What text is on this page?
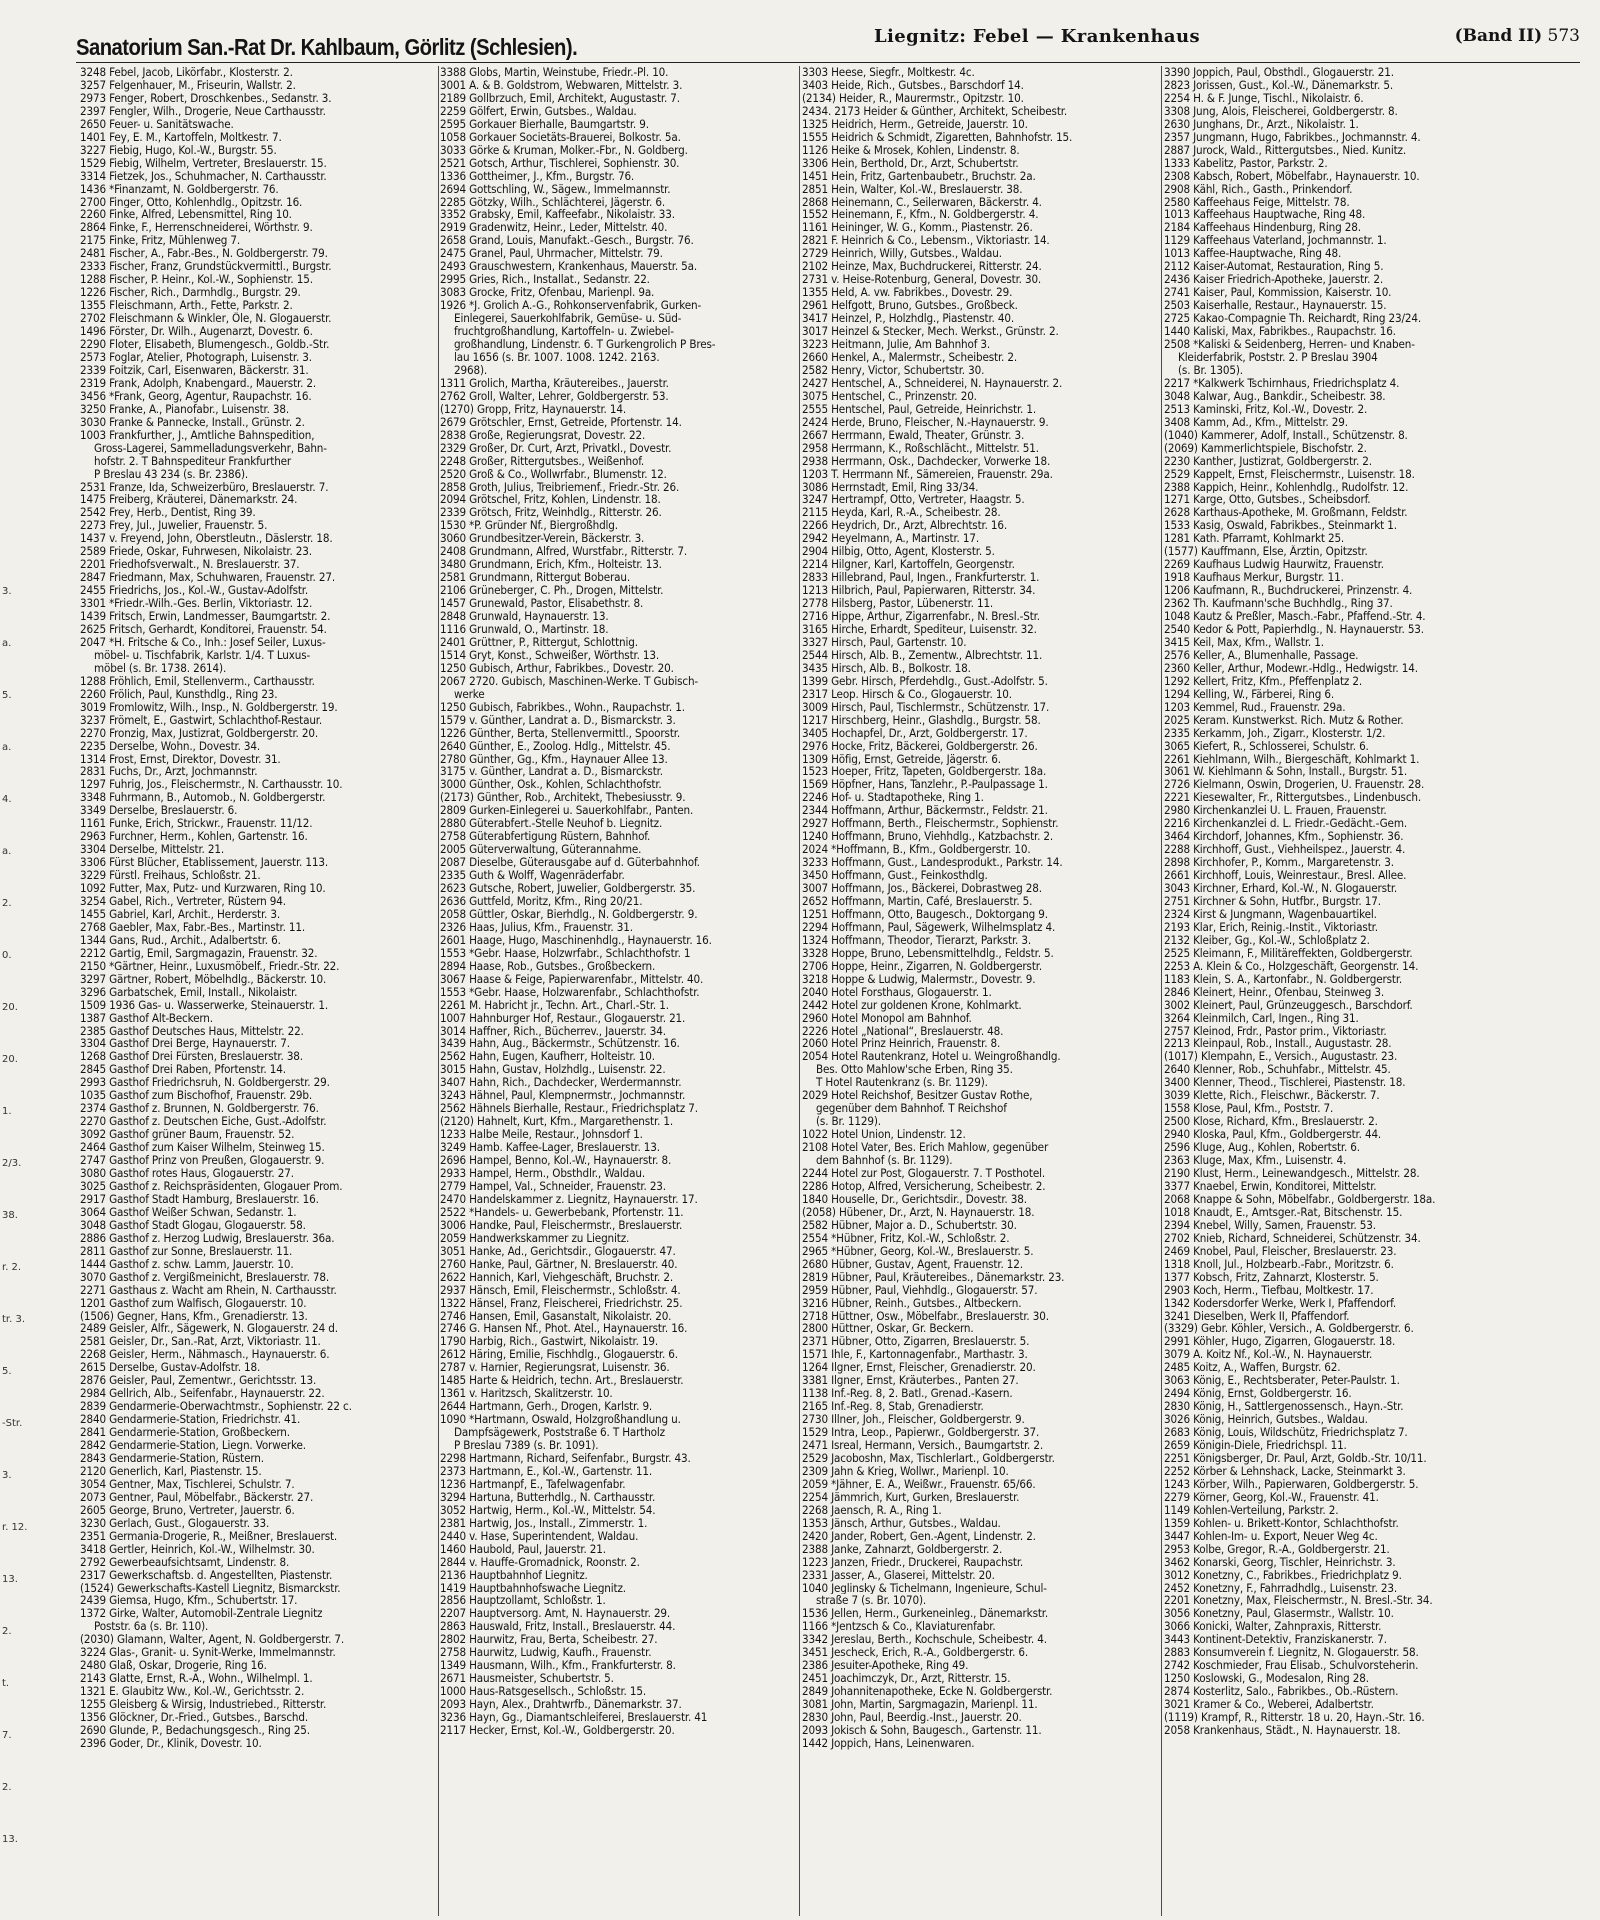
Sanatorium San.-Rat Dr. Kahlbaum, Görlitz (Schlesien).	Liegnitz: Febel — Krankenhaus	(Band II) 573
3.
a.
5.
a.
4.
a.
2.
0.
20.
20.
1.
2/3.
38.
r. 2.
tr. 3.
5.
-Str.
3.
r. 12.
13.
2.
t.
7.
2.
13.
3248 Febel, Jacob, Likörfabr., Klosterstr. 2.
3257 Felgenhauer, M., Friseurin, Wallstr. 2.
2973 Fenger, Robert, Droschkenbes., Sedanstr. 3.
2397 Fengler, Wilh., Drogerie, Neue Carthausstr.
2650 Feuer- u. Sanitätswache.
1401 Fey, E. M., Kartoffeln, Moltkestr. 7.
3227 Fiebig, Hugo, Kol.-W., Burgstr. 55.
1529 Fiebig, Wilhelm, Vertreter, Breslauerstr. 15.
3314 Fietzek, Jos., Schuhmacher, N. Carthausstr.
1436 *Finanzamt, N. Goldbergerstr. 76.
2700 Finger, Otto, Kohlenhdlg., Opitzstr. 16.
2260 Finke, Alfred, Lebensmittel, Ring 10.
2864 Finke, F., Herrenschneiderei, Wörthstr. 9.
2175 Finke, Fritz, Mühlenweg 7.
2481 Fischer, A., Fabr.-Bes., N. Goldbergerstr. 79.
2333 Fischer, Franz, Grundstückvermittl., Burgstr.
1288 Fischer, P. Heinr., Kol.-W., Sophienstr. 15.
1226 Fischer, Rich., Darmhdlg., Burgstr. 29.
1355 Fleischmann, Arth., Fette, Parkstr. 2.
2702 Fleischmann & Winkler, Öle, N. Glogauerstr.
1496 Förster, Dr. Wilh., Augenarzt, Dovestr. 6.
2290 Floter, Elisabeth, Blumengesch., Goldb.-Str.
2573 Foglar, Atelier, Photograph, Luisenstr. 3.
2339 Foitzik, Carl, Eisenwaren, Bäckerstr. 31.
2319 Frank, Adolph, Knabengard., Mauerstr. 2.
3456 *Frank, Georg, Agentur, Raupachstr. 16.
3250 Franke, A., Pianofabr., Luisenstr. 38.
3030 Franke & Pannecke, Install., Grünstr. 2.
1003 Frankfurther, J., Amtliche Bahnspedition,
Gross-Lagerei, Sammelladungsverkehr, Bahn-
hofstr. 2. T Bahnspediteur Frankfurther
P Breslau 43 234 (s. Br. 2386).
2531 Franze, Ida, Schweizerbüro, Breslauerstr. 7.
1475 Freiberg, Kräuterei, Dänemarkstr. 24.
2542 Frey, Herb., Dentist, Ring 39.
2273 Frey, Jul., Juwelier, Frauenstr. 5.
1437 v. Freyend, John, Oberstleutn., Däslerstr. 18.
2589 Friede, Oskar, Fuhrwesen, Nikolaistr. 23.
2201 Friedhofsverwalt., N. Breslauerstr. 37.
2847 Friedmann, Max, Schuhwaren, Frauenstr. 27.
2455 Friedrichs, Jos., Kol.-W., Gustav-Adolfstr.
3301 *Friedr.-Wilh.-Ges. Berlin, Viktoriastr. 12.
1439 Fritsch, Erwin, Landmesser, Baumgartstr. 2.
2625 Fritsch, Gerhardt, Konditorei, Frauenstr. 54.
2047 *H. Fritsche & Co., Inh.: Josef Seiler, Luxus-
möbel- u. Tischfabrik, Karlstr. 1/4. T Luxus-
möbel (s. Br. 1738. 2614).
1288 Fröhlich, Emil, Stellenverm., Carthausstr.
2260 Frölich, Paul, Kunsthdlg., Ring 23.
3019 Fromlowitz, Wilh., Insp., N. Goldbergerstr. 19.
3237 Frömelt, E., Gastwirt, Schlachthof-Restaur.
2270 Fronzig, Max, Justizrat, Goldbergerstr. 20.
2235 Derselbe, Wohn., Dovestr. 34.
1314 Frost, Ernst, Direktor, Dovestr. 31.
2831 Fuchs, Dr., Arzt, Jochmannstr.
1297 Fuhrig, Jos., Fleischermstr., N. Carthausstr. 10.
3348 Fuhrmann, B., Automob., N. Goldbergerstr.
3349 Derselbe, Breslauerstr. 6.
1161 Funke, Erich, Strickwr., Frauenstr. 11/12.
2963 Furchner, Herm., Kohlen, Gartenstr. 16.
3304 Derselbe, Mittelstr. 21.
3306 Fürst Blücher, Etablissement, Jauerstr. 113.
3229 Fürstl. Freihaus, Schloßstr. 21.
1092 Futter, Max, Putz- und Kurzwaren, Ring 10.
3254 Gabel, Rich., Vertreter, Rüstern 94.
1455 Gabriel, Karl, Archit., Herderstr. 3.
2768 Gaebler, Max, Fabr.-Bes., Martinstr. 11.
1344 Gans, Rud., Archit., Adalbertstr. 6.
2212 Gartig, Emil, Sargmagazin, Frauenstr. 32.
2150 *Gärtner, Heinr., Luxusmöbelf., Friedr.-Str. 22.
3297 Gärtner, Robert, Möbelhdlg., Bäckerstr. 10.
3296 Garbatschek, Emil, Install., Nikolaistr.
1509 1936 Gas- u. Wasserwerke, Steinauerstr. 1.
1387 Gasthof Alt-Beckern.
2385 Gasthof Deutsches Haus, Mittelstr. 22.
3304 Gasthof Drei Berge, Haynauerstr. 7.
1268 Gasthof Drei Fürsten, Breslauerstr. 38.
2845 Gasthof Drei Raben, Pfortenstr. 14.
2993 Gasthof Friedrichsruh, N. Goldbergerstr. 29.
1035 Gasthof zum Bischofhof, Frauenstr. 29b.
2374 Gasthof z. Brunnen, N. Goldbergerstr. 76.
2270 Gasthof z. Deutschen Eiche, Gust.-Adolfstr.
3092 Gasthof grüner Baum, Frauenstr. 52.
2464 Gasthof zum Kaiser Wilhelm, Steinweg 15.
2747 Gasthof Prinz von Preußen, Glogauerstr. 9.
3080 Gasthof rotes Haus, Glogauerstr. 27.
3025 Gasthof z. Reichspräsidenten, Glogauer Prom.
2917 Gasthof Stadt Hamburg, Breslauerstr. 16.
3064 Gasthof Weißer Schwan, Sedanstr. 1.
3048 Gasthof Stadt Glogau, Glogauerstr. 58.
2886 Gasthof z. Herzog Ludwig, Breslauerstr. 36a.
2811 Gasthof zur Sonne, Breslauerstr. 11.
1444 Gasthof z. schw. Lamm, Jauerstr. 10.
3070 Gasthof z. Vergißmeinicht, Breslauerstr. 78.
2271 Gasthaus z. Wacht am Rhein, N. Carthausstr.
1201 Gasthof zum Walfisch, Glogauerstr. 10.
(1506) Gegner, Hans, Kfm., Grenadierstr. 13.
2489 Geisler, Alfr., Sägewerk, N. Glogauerstr. 24 d.
2581 Geisler, Dr., San.-Rat, Arzt, Viktoriastr. 11.
2268 Geisler, Herm., Nähmasch., Haynauerstr. 6.
2615 Derselbe, Gustav-Adolfstr. 18.
2876 Geisler, Paul, Zementwr., Gerichtsstr. 13.
2984 Gellrich, Alb., Seifenfabr., Haynauerstr. 22.
2839 Gendarmerie-Oberwachtmstr., Sophienstr. 22 c.
2840 Gendarmerie-Station, Friedrichstr. 41.
2841 Gendarmerie-Station, Großbeckern.
2842 Gendarmerie-Station, Liegn. Vorwerke.
2843 Gendarmerie-Station, Rüstern.
2120 Generlich, Karl, Piastenstr. 15.
3054 Gentner, Max, Tischlerei, Schulstr. 7.
2073 Gentner, Paul, Möbelfabr., Bäckerstr. 27.
2605 George, Bruno, Vertreter, Jauerstr. 6.
3230 Gerlach, Gust., Glogauerstr. 33.
2351 Germania-Drogerie, R., Meißner, Breslauerst.
3418 Gertler, Heinrich, Kol.-W., Wilhelmstr. 30.
2792 Gewerbeaufsichtsamt, Lindenstr. 8.
2317 Gewerkschaftsb. d. Angestellten, Piastenstr.
(1524) Gewerkschafts-Kastell Liegnitz, Bismarckstr.
2439 Giemsa, Hugo, Kfm., Schubertstr. 17.
1372 Girke, Walter, Automobil-Zentrale Liegnitz
Poststr. 6a (s. Br. 110).
(2030) Glamann, Walter, Agent, N. Goldbergerstr. 7.
3224 Glas-, Granit- u. Synit-Werke, Immelmannstr.
2480 Glaß, Oskar, Drogerie, Ring 16.
2143 Glatte, Ernst, R.-A., Wohn., Wilhelmpl. 1.
1321 E. Glaubitz Ww., Kol.-W., Gerichtsstr. 2.
1255 Gleisberg & Wirsig, Industriebed., Ritterstr.
1356 Glöckner, Dr.-Fried., Gutsbes., Barschd.
2690 Glunde, P., Bedachungsgesch., Ring 25.
2396 Goder, Dr., Klinik, Dovestr. 10.
3388 Globs, Martin, Weinstube, Friedr.-Pl. 10.
3001 A. & B. Goldstrom, Webwaren, Mittelstr. 3.
2189 Gollbrzuch, Emil, Architekt, Augustastr. 7.
2259 Gölfert, Erwin, Gutsbes., Waldau.
2595 Gorkauer Bierhalle, Baumgartstr. 9.
1058 Gorkauer Societäts-Brauerei, Bolkostr. 5a.
3033 Görke & Kruman, Molker.-Fbr., N. Goldberg.
2521 Gotsch, Arthur, Tischlerei, Sophienstr. 30.
1336 Gottheimer, J., Kfm., Burgstr. 76.
2694 Gottschling, W., Sägew., Immelmannstr.
2285 Götzky, Wilh., Schlächterei, Jägerstr. 6.
3352 Grabsky, Emil, Kaffeefabr., Nikolaistr. 33.
2919 Gradenwitz, Heinr., Leder, Mittelstr. 40.
2658 Grand, Louis, Manufakt.-Gesch., Burgstr. 76.
2475 Granel, Paul, Uhrmacher, Mittelstr. 79.
2493 Grauschwestern, Krankenhaus, Mauerstr. 5a.
2995 Gries, Rich., Installat., Sedanstr. 22.
3083 Grocke, Fritz, Ofenbau, Marienpl. 9a.
1926 *J. Grolich A.-G., Rohkonservenfabrik, Gurken-
Einlegerei, Sauerkohlfabrik, Gemüse- u. Süd-
fruchtgroßhandlung, Kartoffeln- u. Zwiebel-
großhandlung, Lindenstr. 6. T Gurkengrolich P Bres-
lau 1656 (s. Br. 1007. 1008. 1242. 2163.
2968).
1311 Grolich, Martha, Kräutereibes., Jauerstr.
2762 Groll, Walter, Lehrer, Goldbergerstr. 53.
(1270) Gropp, Fritz, Haynauerstr. 14.
2679 Grötschler, Ernst, Getreide, Pfortenstr. 14.
2838 Große, Regierungsrat, Dovestr. 22.
2329 Großer, Dr. Curt, Arzt, Privatkl., Dovestr.
2248 Großer, Rittergutsbes., Weißenhof.
2520 Groß & Co., Wollwrfabr., Blumenstr. 12.
2858 Groth, Julius, Treibriemenf., Friedr.-Str. 26.
2094 Grötschel, Fritz, Kohlen, Lindenstr. 18.
2339 Grötsch, Fritz, Weinhdlg., Ritterstr. 26.
1530 *P. Gründer Nf., Biergroßhdlg.
3060 Grundbesitzer-Verein, Bäckerstr. 3.
2408 Grundmann, Alfred, Wurstfabr., Ritterstr. 7.
3480 Grundmann, Erich, Kfm., Holteistr. 13.
2581 Grundmann, Rittergut Boberau.
2106 Grüneberger, C. Ph., Drogen, Mittelstr.
1457 Grunewald, Pastor, Elisabethstr. 8.
2848 Grunwald, Haynauerstr. 13.
1116 Grunwald, O., Martinstr. 18.
2401 Grüttner, P., Rittergut, Schlottnig.
1514 Gryt, Konst., Schweißer, Wörthstr. 13.
1250 Gubisch, Arthur, Fabrikbes., Dovestr. 20.
2067 2720. Gubisch, Maschinen-Werke. T Gubisch-
werke
1250 Gubisch, Fabrikbes., Wohn., Raupachstr. 1.
1579 v. Günther, Landrat a. D., Bismarckstr. 3.
1226 Günther, Berta, Stellenvermittl., Spoorstr.
2640 Günther, E., Zoolog. Hdlg., Mittelstr. 45.
2780 Günther, Gg., Kfm., Haynauer Allee 13.
3175 v. Günther, Landrat a. D., Bismarckstr.
3000 Günther, Osk., Kohlen, Schlachthofstr.
(2173) Günther, Rob., Architekt, Thebesiusstr. 9.
2809 Gurken-Einlegerei u. Sauerkohlfabr., Panten.
2880 Güterabfert.-Stelle Neuhof b. Liegnitz.
2758 Güterabfertigung Rüstern, Bahnhof.
2005 Güterverwaltung, Güterannahme.
2087 Dieselbe, Güterausgabe auf d. Güterbahnhof.
2335 Guth & Wolff, Wagenräderfabr.
2623 Gutsche, Robert, Juwelier, Goldbergerstr. 35.
2636 Guttfeld, Moritz, Kfm., Ring 20/21.
2058 Güttler, Oskar, Bierhdlg., N. Goldbergerstr. 9.
2326 Haas, Julius, Kfm., Frauenstr. 31.
2601 Haage, Hugo, Maschinenhdlg., Haynauerstr. 16.
1553 *Gebr. Haase, Holzwrfabr., Schlachthofstr. 1
2894 Haase, Rob., Gutsbes., Großbeckern.
3067 Haase & Feige, Papierwarenfabr., Mittelstr. 40.
1553 *Gebr. Haase, Holzwarenfabr., Schlachthofstr.
2261 M. Habricht jr., Techn. Art., Charl.-Str. 1.
1007 Hahnburger Hof, Restaur., Glogauerstr. 21.
3014 Haffner, Rich., Bücherrev., Jauerstr. 34.
3439 Hahn, Aug., Bäckermstr., Schützenstr. 16.
2562 Hahn, Eugen, Kaufherr, Holteistr. 10.
3015 Hahn, Gustav, Holzhdlg., Luisenstr. 22.
3407 Hahn, Rich., Dachdecker, Werdermannstr.
3243 Hähnel, Paul, Klempnermstr., Jochmannstr.
2562 Hähnels Bierhalle, Restaur., Friedrichsplatz 7.
(2120) Hahnelt, Kurt, Kfm., Margarethenstr. 1.
1233 Halbe Meile, Restaur., Johnsdorf 1.
3249 Hamb. Kaffee-Lager, Breslauerstr. 13.
2696 Hampel, Benno, Kol.-W., Haynauerstr. 8.
2933 Hampel, Herm., Obsthdlr., Waldau.
2779 Hampel, Val., Schneider, Frauenstr. 23.
2470 Handelskammer z. Liegnitz, Haynauerstr. 17.
2522 *Handels- u. Gewerbebank, Pfortenstr. 11.
3006 Handke, Paul, Fleischermstr., Breslauerstr.
2059 Handwerkskammer zu Liegnitz.
3051 Hanke, Ad., Gerichtsdir., Glogauerstr. 47.
2760 Hanke, Paul, Gärtner, N. Breslauerstr. 40.
2622 Hannich, Karl, Viehgeschäft, Bruchstr. 2.
2937 Hänsch, Emil, Fleischermstr., Schloßstr. 4.
1322 Hänsel, Franz, Fleischerei, Friedrichstr. 25.
2746 Hansen, Emil, Gasanstalt, Nikolaistr. 20.
2746 G. Hansen Nf., Phot. Atel., Haynauerstr. 16.
1790 Harbig, Rich., Gastwirt, Nikolaistr. 19.
2612 Häring, Emilie, Fischhdlg., Glogauerstr. 6.
2787 v. Harnier, Regierungsrat, Luisenstr. 36.
1485 Harte & Heidrich, techn. Art., Breslauerstr.
1361 v. Haritzsch, Skalitzerstr. 10.
2644 Hartmann, Gerh., Drogen, Karlstr. 9.
1090 *Hartmann, Oswald, Holzgroßhandlung u.
Dampfsägewerk, Poststraße 6. T Hartholz
P Breslau 7389 (s. Br. 1091).
2298 Hartmann, Richard, Seifenfabr., Burgstr. 43.
2373 Hartmann, E., Kol.-W., Gartenstr. 11.
1236 Hartmanpf, E., Tafelwagenfabr.
3294 Hartuna, Butterhdlg., N. Carthausstr.
3052 Hartwig, Herm., Kol.-W., Mittelstr. 54.
2381 Hartwig, Jos., Install., Zimmerstr. 1.
2440 v. Hase, Superintendent, Waldau.
1460 Haubold, Paul, Jauerstr. 21.
2844 v. Hauffe-Gromadnick, Roonstr. 2.
2136 Hauptbahnhof Liegnitz.
1419 Hauptbahnhofswache Liegnitz.
2856 Hauptzollamt, Schloßstr. 1.
2207 Hauptversorg. Amt, N. Haynauerstr. 29.
2863 Hauswald, Fritz, Install., Breslauerstr. 44.
2802 Haurwitz, Frau, Berta, Scheibestr. 27.
2758 Haurwitz, Ludwig, Kaufh., Frauenstr.
1349 Hausmann, Wilh., Kfm., Frankfurterstr. 8.
2671 Hausmeister, Schubertstr. 5.
1000 Haus-Ratsgesellsch., Schloßstr. 15.
2093 Hayn, Alex., Drahtwrfb., Dänemarkstr. 37.
3236 Hayn, Gg., Diamantschleiferei, Breslauerstr. 41
2117 Hecker, Ernst, Kol.-W., Goldbergerstr. 20.
3303 Heese, Siegfr., Moltkestr. 4c.
3403 Heide, Rich., Gutsbes., Barschdorf 14.
(2134) Heider, R., Maurermstr., Opitzstr. 10.
2434. 2173 Heider & Günther, Architekt, Scheibestr.
1325 Heidrich, Herm., Getreide, Jauerstr. 10.
1555 Heidrich & Schmidt, Zigaretten, Bahnhofstr. 15.
1126 Heike & Mrosek, Kohlen, Lindenstr. 8.
3306 Hein, Berthold, Dr., Arzt, Schubertstr.
1451 Hein, Fritz, Gartenbaubetr., Bruchstr. 2a.
2851 Hein, Walter, Kol.-W., Breslauerstr. 38.
2868 Heinemann, C., Seilerwaren, Bäckerstr. 4.
1552 Heinemann, F., Kfm., N. Goldbergerstr. 4.
1161 Heininger, W. G., Komm., Piastenstr. 26.
2821 F. Heinrich & Co., Lebensm., Viktoriastr. 14.
2729 Heinrich, Willy, Gutsbes., Waldau.
2102 Heinze, Max, Buchdruckerei, Ritterstr. 24.
2731 v. Heise-Rotenburg, General, Dovestr. 30.
1355 Held, A. vw. Fabrikbes., Dovestr. 29.
2961 Helfgott, Bruno, Gutsbes., Großbeck.
3417 Heinzel, P., Holzhdlg., Piastenstr. 40.
3017 Heinzel & Stecker, Mech. Werkst., Grünstr. 2.
3223 Heitmann, Julie, Am Bahnhof 3.
2660 Henkel, A., Malermstr., Scheibestr. 2.
2582 Henry, Victor, Schubertstr. 30.
2427 Hentschel, A., Schneiderei, N. Haynauerstr. 2.
3075 Hentschel, C., Prinzenstr. 20.
2555 Hentschel, Paul, Getreide, Heinrichstr. 1.
2424 Herde, Bruno, Fleischer, N.-Haynauerstr. 9.
2667 Herrmann, Ewald, Theater, Grünstr. 3.
2958 Herrmann, K., Roßschlächt., Mittelstr. 51.
2938 Herrmann, Osk., Dachdecker, Vorwerke 18.
1203 T. Herrmann Nf., Sämereien, Frauenstr. 29a.
3086 Herrnstadt, Emil, Ring 33/34.
3247 Hertrampf, Otto, Vertreter, Haagstr. 5.
2115 Heyda, Karl, R.-A., Scheibestr. 28.
2266 Heydrich, Dr., Arzt, Albrechtstr. 16.
2942 Heyelmann, A., Martinstr. 17.
2904 Hilbig, Otto, Agent, Klosterstr. 5.
2214 Hilgner, Karl, Kartoffeln, Georgenstr.
2833 Hillebrand, Paul, Ingen., Frankfurterstr. 1.
1213 Hilbrich, Paul, Papierwaren, Ritterstr. 34.
2778 Hilsberg, Pastor, Lübenerstr. 11.
2716 Hippe, Arthur, Zigarrenfabr., N. Bresl.-Str.
3165 Hirche, Erhardt, Spediteur, Luisenstr. 32.
3327 Hirsch, Paul, Gartenstr. 10.
2544 Hirsch, Alb. B., Zementw., Albrechtstr. 11.
3435 Hirsch, Alb. B., Bolkostr. 18.
1399 Gebr. Hirsch, Pferdehdlg., Gust.-Adolfstr. 5.
2317 Leop. Hirsch & Co., Glogauerstr. 10.
3009 Hirsch, Paul, Tischlermstr., Schützenstr. 17.
1217 Hirschberg, Heinr., Glashdlg., Burgstr. 58.
3405 Hochapfel, Dr., Arzt, Goldbergerstr. 17.
2976 Hocke, Fritz, Bäckerei, Goldbergerstr. 26.
1309 Höfig, Ernst, Getreide, Jägerstr. 6.
1523 Hoeper, Fritz, Tapeten, Goldbergerstr. 18a.
1569 Höpfner, Hans, Tanzlehr., P.-Paulpassage 1.
2246 Hof- u. Stadtapotheke, Ring 1.
2344 Hoffmann, Arthur, Bäckermstr., Feldstr. 21.
2927 Hoffmann, Berth., Fleischermstr., Sophienstr.
1240 Hoffmann, Bruno, Viehhdlg., Katzbachstr. 2.
2024 *Hoffmann, B., Kfm., Goldbergerstr. 10.
3233 Hoffmann, Gust., Landesprodukt., Parkstr. 14.
3450 Hoffmann, Gust., Feinkosthdlg.
3007 Hoffmann, Jos., Bäckerei, Dobrastweg 28.
2652 Hoffmann, Martin, Café, Breslauerstr. 5.
1251 Hoffmann, Otto, Baugesch., Doktorgang 9.
2294 Hoffmann, Paul, Sägewerk, Wilhelmsplatz 4.
1324 Hoffmann, Theodor, Tierarzt, Parkstr. 3.
3328 Hoppe, Bruno, Lebensmittelhdlg., Feldstr. 5.
2706 Hoppe, Heinr., Zigarren, N. Goldbergerstr.
3218 Hoppe & Ludwig, Malermstr., Dovestr. 9.
2040 Hotel Forsthaus, Glogauerstr. 1.
2442 Hotel zur goldenen Krone, Kohlmarkt.
2960 Hotel Monopol am Bahnhof.
2226 Hotel „National“, Breslauerstr. 48.
2060 Hotel Prinz Heinrich, Frauenstr. 8.
2054 Hotel Rautenkranz, Hotel u. Weingroßhandlg.
Bes. Otto Mahlow'sche Erben, Ring 35.
T Hotel Rautenkranz (s. Br. 1129).
2029 Hotel Reichshof, Besitzer Gustav Rothe,
gegenüber dem Bahnhof. T Reichshof
(s. Br. 1129).
1022 Hotel Union, Lindenstr. 12.
2108 Hotel Vater, Bes. Erich Mahlow, gegenüber
dem Bahnhof (s. Br. 1129).
2244 Hotel zur Post, Glogauerstr. 7. T Posthotel.
2286 Hotop, Alfred, Versicherung, Scheibestr. 2.
1840 Houselle, Dr., Gerichtsdir., Dovestr. 38.
(2058) Hübener, Dr., Arzt, N. Haynauerstr. 18.
2582 Hübner, Major a. D., Schubertstr. 30.
2554 *Hübner, Fritz, Kol.-W., Schloßstr. 2.
2965 *Hübner, Georg, Kol.-W., Breslauerstr. 5.
2680 Hübner, Gustav, Agent, Frauenstr. 12.
2819 Hübner, Paul, Kräutereibes., Dänemarkstr. 23.
2959 Hübner, Paul, Viehhdlg., Glogauerstr. 57.
3216 Hübner, Reinh., Gutsbes., Altbeckern.
2718 Hüttner, Osw., Möbelfabr., Breslauerstr. 30.
2800 Hüttner, Oskar, Gr. Beckern.
2371 Hübner, Otto, Zigarren, Breslauerstr. 5.
1571 Ihle, F., Kartonnagenfabr., Marthastr. 3.
1264 Ilgner, Ernst, Fleischer, Grenadierstr. 20.
3381 Ilgner, Ernst, Kräuterbes., Panten 27.
1138 Inf.-Reg. 8, 2. Batl., Grenad.-Kasern.
2165 Inf.-Reg. 8, Stab, Grenadierstr.
2730 Illner, Joh., Fleischer, Goldbergerstr. 9.
1529 Intra, Leop., Papierwr., Goldbergerstr. 37.
2471 Isreal, Hermann, Versich., Baumgartstr. 2.
2529 Jacoboshn, Max, Tischlerlart., Goldbergerstr.
2309 Jahn & Krieg, Wollwr., Marienpl. 10.
2059 *Jähner, E. A., Weißwr., Frauenstr. 65/66.
2254 Jämmrich, Kurt, Gurken, Breslauerstr.
2268 Jaensch, R. A., Ring 1.
1353 Jänsch, Arthur, Gutsbes., Waldau.
2420 Jander, Robert, Gen.-Agent, Lindenstr. 2.
2388 Janke, Zahnarzt, Goldbergerstr. 2.
1223 Janzen, Friedr., Druckerei, Raupachstr.
2331 Jasser, A., Glaserei, Mittelstr. 20.
1040 Jeglinsky & Tichelmann, Ingenieure, Schul-
straße 7 (s. Br. 1070).
1536 Jellen, Herm., Gurkeneinleg., Dänemarkstr.
1166 *Jentzsch & Co., Klaviaturenfabr.
3342 Jereslau, Berth., Kochschule, Scheibestr. 4.
3451 Jescheck, Erich, R.-A., Goldbergerstr. 6.
2386 Jesuiter-Apotheke, Ring 49.
2451 Joachimczyk, Dr., Arzt, Ritterstr. 15.
2849 Johannitenapotheke, Ecke N. Goldbergerstr.
3081 John, Martin, Sargmagazin, Marienpl. 11.
2830 John, Paul, Beerdig.-Inst., Jauerstr. 20.
2093 Jokisch & Sohn, Baugesch., Gartenstr. 11.
1442 Joppich, Hans, Leinenwaren.
3390 Joppich, Paul, Obsthdl., Glogauerstr. 21.
2823 Jorissen, Gust., Kol.-W., Dänemarkstr. 5.
2254 H. & F. Junge, Tischl., Nikolaistr. 6.
3308 Jung, Alois, Fleischerei, Goldbergerstr. 8.
2630 Junghans, Dr., Arzt., Nikolaistr. 1.
2357 Jungmann, Hugo, Fabrikbes., Jochmannstr. 4.
2887 Jurock, Wald., Rittergutsbes., Nied. Kunitz.
1333 Kabelitz, Pastor, Parkstr. 2.
2308 Kabsch, Robert, Möbelfabr., Haynauerstr. 10.
2908 Kähl, Rich., Gasth., Prinkendorf.
2580 Kaffeehaus Feige, Mittelstr. 78.
1013 Kaffeehaus Hauptwache, Ring 48.
2184 Kaffeehaus Hindenburg, Ring 28.
1129 Kaffeehaus Vaterland, Jochmannstr. 1.
1013 Kaffee-Hauptwache, Ring 48.
2112 Kaiser-Automat, Restauration, Ring 5.
2436 Kaiser Friedrich-Apotheke, Jauerstr. 2.
2741 Kaiser, Paul, Kommission, Kaiserstr. 10.
2503 Kaiserhalle, Restaur., Haynauerstr. 15.
2725 Kakao-Compagnie Th. Reichardt, Ring 23/24.
1440 Kaliski, Max, Fabrikbes., Raupachstr. 16.
2508 *Kaliski & Seidenberg, Herren- und Knaben-
Kleiderfabrik, Poststr. 2. P Breslau 3904
(s. Br. 1305).
2217 *Kalkwerk Tschirnhaus, Friedrichsplatz 4.
3048 Kalwar, Aug., Bankdir., Scheibestr. 38.
2513 Kaminski, Fritz, Kol.-W., Dovestr. 2.
3408 Kamm, Ad., Kfm., Mittelstr. 29.
(1040) Kammerer, Adolf, Install., Schützenstr. 8.
(2069) Kammerlichtspiele, Bischofstr. 2.
2230 Kanther, Justizrat, Goldbergerstr. 2.
2529 Kappelt, Ernst, Fleischermstr., Luisenstr. 18.
2388 Kappich, Heinr., Kohlenhdlg., Rudolfstr. 12.
1271 Karge, Otto, Gutsbes., Scheibsdorf.
2628 Karthaus-Apotheke, M. Großmann, Feldstr.
1533 Kasig, Oswald, Fabrikbes., Steinmarkt 1.
1281 Kath. Pfarramt, Kohlmarkt 25.
(1577) Kauffmann, Else, Ärztin, Opitzstr.
2269 Kaufhaus Ludwig Haurwitz, Frauenstr.
1918 Kaufhaus Merkur, Burgstr. 11.
1206 Kaufmann, R., Buchdruckerei, Prinzenstr. 4.
2362 Th. Kaufmann'sche Buchhdlg., Ring 37.
1048 Kautz & Preßler, Masch.-Fabr., Pfaffend.-Str. 4.
2540 Kedor & Pott, Papierhdlg., N. Haynauerstr. 53.
3415 Keil, Max, Kfm., Wallstr. 1.
2576 Keller, A., Blumenhalle, Passage.
2360 Keller, Arthur, Modewr.-Hdlg., Hedwigstr. 14.
1292 Kellert, Fritz, Kfm., Pfeffenplatz 2.
1294 Kelling, W., Färberei, Ring 6.
1203 Kemmel, Rud., Frauenstr. 29a.
2025 Keram. Kunstwerkst. Rich. Mutz & Rother.
2335 Kerkamm, Joh., Zigarr., Klosterstr. 1/2.
3065 Kiefert, R., Schlosserei, Schulstr. 6.
2261 Kiehlmann, Wilh., Biergeschäft, Kohlmarkt 1.
3061 W. Kiehlmann & Sohn, Install., Burgstr. 51.
2726 Kielmann, Oswin, Drogerien, U. Frauenstr. 28.
2221 Kiesewalter, Fr., Rittergutsbes., Lindenbusch.
2980 Kirchenkanzlei U. L. Frauen, Frauenstr.
2216 Kirchenkanzlei d. L. Friedr.-Gedächt.-Gem.
3464 Kirchdorf, Johannes, Kfm., Sophienstr. 36.
2288 Kirchhoff, Gust., Viehheilspez., Jauerstr. 4.
2898 Kirchhofer, P., Komm., Margaretenstr. 3.
2661 Kirchhoff, Louis, Weinrestaur., Bresl. Allee.
3043 Kirchner, Erhard, Kol.-W., N. Glogauerstr.
2751 Kirchner & Sohn, Hutfbr., Burgstr. 17.
2324 Kirst & Jungmann, Wagenbauartikel.
2193 Klar, Erich, Reinig.-Instit., Viktoriastr.
2132 Kleiber, Gg., Kol.-W., Schloßplatz 2.
2525 Kleimann, F., Militäreffekten, Goldbergerstr.
2253 A. Klein & Co., Holzgeschäft, Georgenstr. 14.
1183 Klein, S. A., Kartonfabr., N. Goldbergerstr.
2846 Kleinert, Heinr., Ofenbau, Steinweg 3.
3002 Kleinert, Paul, Grünzeuggesch., Barschdorf.
3264 Kleinmilch, Carl, Ingen., Ring 31.
2757 Kleinod, Frdr., Pastor prim., Viktoriastr.
2213 Kleinpaul, Rob., Install., Augustastr. 28.
(1017) Klempahn, E., Versich., Augustastr. 23.
2640 Klenner, Rob., Schuhfabr., Mittelstr. 45.
3400 Klenner, Theod., Tischlerei, Piastenstr. 18.
3039 Klette, Rich., Fleischwr., Bäckerstr. 7.
1558 Klose, Paul, Kfm., Poststr. 7.
2500 Klose, Richard, Kfm., Breslauerstr. 2.
2940 Kloska, Paul, Kfm., Goldbergerstr. 44.
2596 Kluge, Aug., Kohlen, Robertstr. 6.
2363 Kluge, Max, Kfm., Luisenstr. 4.
2190 Klust, Herm., Leinewandgesch., Mittelstr. 28.
3377 Knaebel, Erwin, Konditorei, Mittelstr.
2068 Knappe & Sohn, Möbelfabr., Goldbergerstr. 18a.
1018 Knaudt, E., Amtsger.-Rat, Bitschenstr. 15.
2394 Knebel, Willy, Samen, Frauenstr. 53.
2702 Knieb, Richard, Schneiderei, Schützenstr. 34.
2469 Knobel, Paul, Fleischer, Breslauerstr. 23.
1318 Knoll, Jul., Holzbearb.-Fabr., Moritzstr. 6.
1377 Kobsch, Fritz, Zahnarzt, Klosterstr. 5.
2903 Koch, Herm., Tiefbau, Moltkestr. 17.
1342 Kodersdorfer Werke, Werk I, Pfaffendorf.
3241 Dieselben, Werk II, Pfaffendorf.
(3329) Gebr. Köhler, Versich., A. Goldbergerstr. 6.
2991 Köhler, Hugo, Zigarren, Glogauerstr. 18.
3079 A. Koitz Nf., Kol.-W., N. Haynauerstr.
2485 Koitz, A., Waffen, Burgstr. 62.
3063 König, E., Rechtsberater, Peter-Paulstr. 1.
2494 König, Ernst, Goldbergerstr. 16.
2830 König, H., Sattlergenossensch., Hayn.-Str.
3026 König, Heinrich, Gutsbes., Waldau.
2683 König, Louis, Wildschütz, Friedrichsplatz 7.
2659 Königin-Diele, Friedrichspl. 11.
2251 Königsberger, Dr. Paul, Arzt, Goldb.-Str. 10/11.
2252 Körber & Lehnshack, Lacke, Steinmarkt 3.
1243 Körber, Wilh., Papierwaren, Goldbergerstr. 5.
2279 Körner, Georg, Kol.-W., Frauenstr. 41.
1149 Kohlen-Verteilung, Parkstr. 2.
1359 Kohlen- u. Brikett-Kontor, Schlachthofstr.
3447 Kohlen-Im- u. Export, Neuer Weg 4c.
2953 Kolbe, Gregor, R.-A., Goldbergerstr. 21.
3462 Konarski, Georg, Tischler, Heinrichstr. 3.
3012 Konetzny, C., Fabrikbes., Friedrichplatz 9.
2452 Konetzny, F., Fahrradhdlg., Luisenstr. 23.
2201 Konetzny, Max, Fleischermstr., N. Bresl.-Str. 34.
3056 Konetzny, Paul, Glasermstr., Wallstr. 10.
3066 Konicki, Walter, Zahnpraxis, Ritterstr.
3443 Kontinent-Detektiv, Franziskanerstr. 7.
2883 Konsumverein f. Liegnitz, N. Glogauerstr. 58.
2742 Koschmieder, Frau Elisab., Schulvorsteherin.
1250 Koslowski, G., Modesalon, Ring 28.
2874 Kosterlitz, Salo., Fabrikbes., Ob.-Rüstern.
3021 Kramer & Co., Weberei, Adalbertstr.
(1119) Krampf, R., Ritterstr. 18 u. 20, Hayn.-Str. 16.
2058 Krankenhaus, Städt., N. Haynauerstr. 18.
